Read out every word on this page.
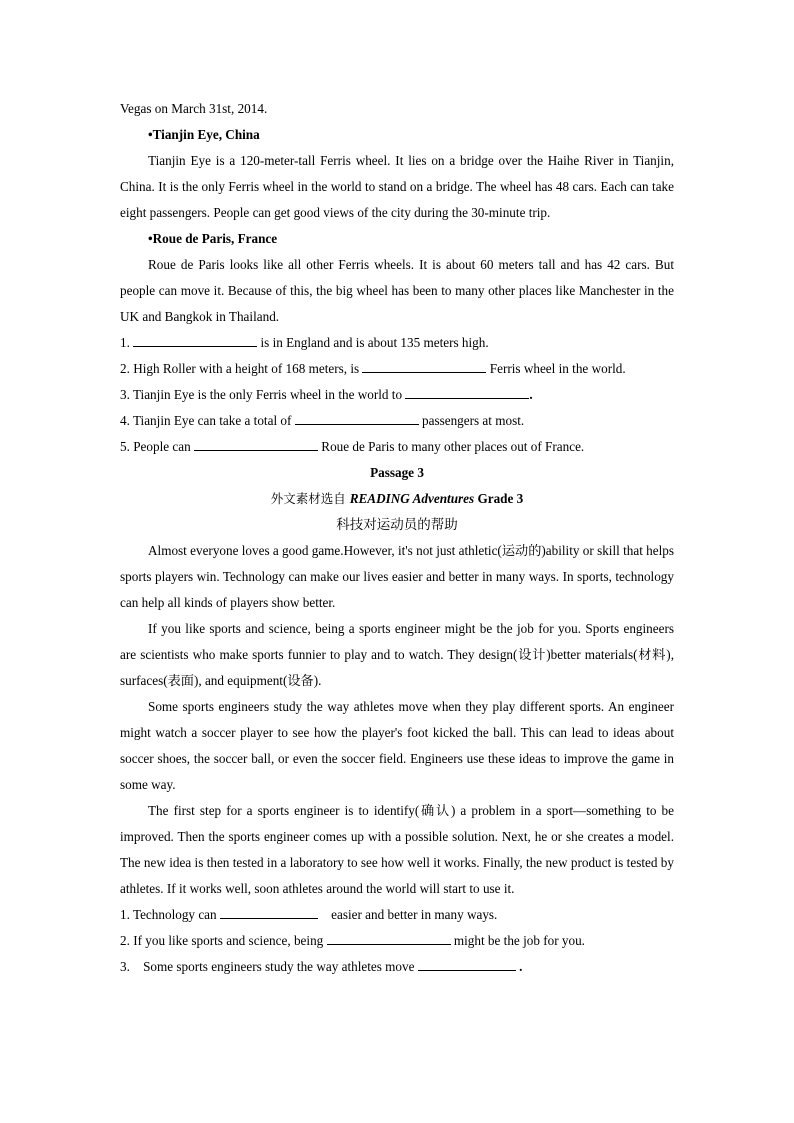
Vegas on March 31st, 2014.

•Tianjin Eye, China

Tianjin Eye is a 120-meter-tall Ferris wheel. It lies on a bridge over the Haihe River in Tianjin, China. It is the only Ferris wheel in the world to stand on a bridge. The wheel has 48 cars. Each can take eight passengers. People can get good views of the city during the 30-minute trip.

•Roue de Paris, France

Roue de Paris looks like all other Ferris wheels. It is about 60 meters tall and has 42 cars. But people can move it. Because of this, the big wheel has been to many other places like Manchester in the UK and Bangkok in Thailand.

1.	is in England and is about 135 meters high.

2. High Roller with a height of 168 meters, is	Ferris wheel in the world.

3. Tianjin Eye is the only Ferris wheel in the world to	.

4. Tianjin Eye can take a total of	passengers at most.

5. People can	Roue de Paris to many other places out of France.

Passage 3

外文素材选自 READING Adventures Grade 3

科技对运动员的帮助

Almost everyone loves a good game.However, it's not just athletic(运动的)ability or skill that helps sports players win. Technology can make our lives easier and better in many ways. In sports, technology can help all kinds of players show better.

If you like sports and science, being a sports engineer might be the job for you. Sports engineers are scientists who make sports funnier to play and to watch. They design(设计)better materials(材料), surfaces(表面), and equipment(设备).

Some sports engineers study the way athletes move when they play different sports. An engineer might watch a soccer player to see how the player's foot kicked the ball. This can lead to ideas about soccer shoes, the soccer ball, or even the soccer field. Engineers use these ideas to improve the game in some way.

The first step for a sports engineer is to identify(确认) a problem in a sport—something to be improved. Then the sports engineer comes up with a possible solution. Next, he or she creates a model. The new idea is then tested in a laboratory to see how well it works. Finally, the new product is tested by athletes. If it works well, soon athletes around the world will start to use it.

1. Technology can	easier and better in many ways.

2. If you like sports and science, being	might be the job for you.

3.    Some sports engineers study the way athletes move	.
